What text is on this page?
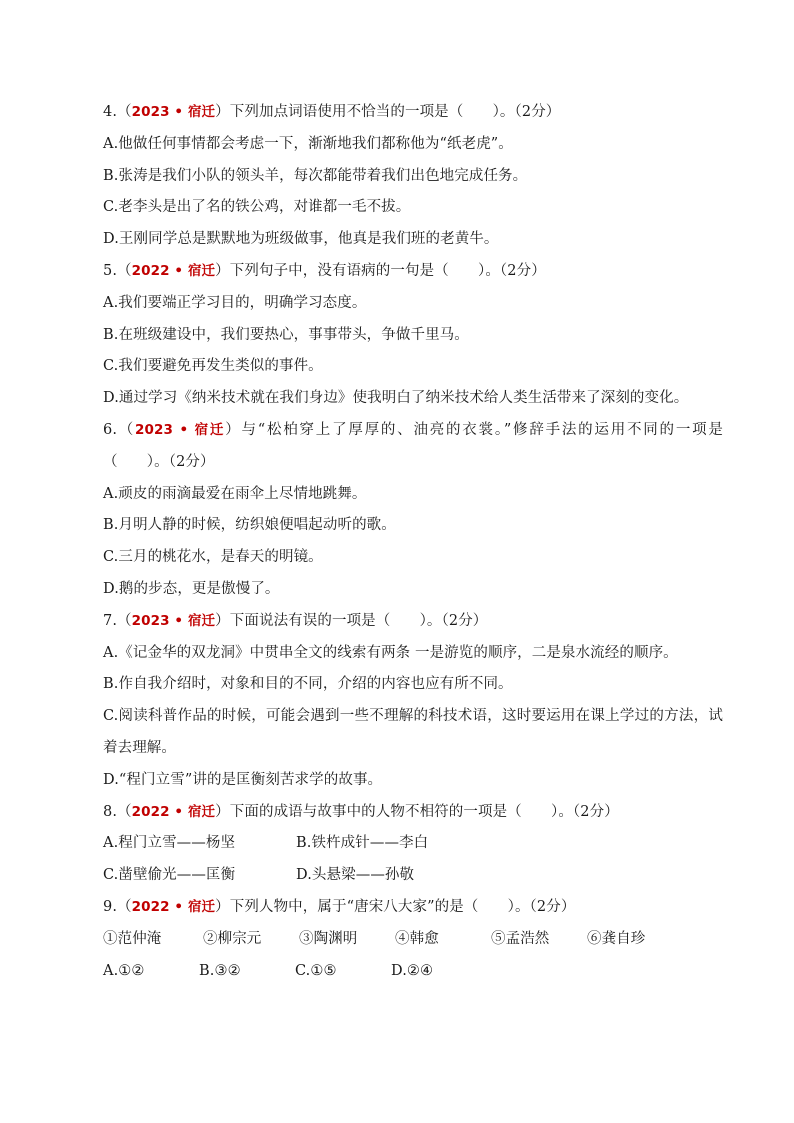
4.（2023 • 宿迁）下列加点词语使用不恰当的一项是（　　）。（2分）
A.他做任何事情都会考虑一下，渐渐地我们都称他为“纸老虎”。
B.张涛是我们小队的领头羊，每次都能带着我们出色地完成任务。
C.老李头是出了名的铁公鸡，对谁都一毛不拔。
D.王刚同学总是默默地为班级做事，他真是我们班的老黄牛。
5.（2022 • 宿迁）下列句子中，没有语病的一句是（　　）。（2分）
A.我们要端正学习目的，明确学习态度。
B.在班级建设中，我们要热心，事事带头，争做千里马。
C.我们要避免再发生类似的事件。
D.通过学习《纳米技术就在我们身边》使我明白了纳米技术给人类生活带来了深刻的变化。
6.（2023 • 宿迁）与“松柏穿上了厚厚的、油亮的衣裳。”修辞手法的运用不同的一项是（　　）。（2分）
A.顽皮的雨滴最爱在雨伞上尽情地跳舞。
B.月明人静的时候，纺织娘便唱起动听的歌。
C.三月的桃花水，是春天的明镜。
D.鹅的步态，更是傲慢了。
7.（2023 • 宿迁）下面说法有误的一项是（　　）。（2分）
A.《记金华的双龙洞》中贯串全文的线索有两条 一是游览的顺序，二是泉水流经的顺序。
B.作自我介绍时，对象和目的不同，介绍的内容也应有所不同。
C.阅读科普作品的时候，可能会遇到一些不理解的科技术语，这时要运用在课上学过的方法，试着去理解。
D.“程门立雪”讲的是匡衡刻苦求学的故事。
8.（2022 • 宿迁）下面的成语与故事中的人物不相符的一项是（　　）。（2分）
A.程门立雪——杨坚	B.铁杵成针——李白
C.凿壁偷光——匡衡	D.头悬梁——孙敬
9.（2022 • 宿迁）下列人物中，属于“唐宋八大家”的是（　　）。（2分）
①范仲淹	②柳宗元	③陶渊明	④韩愈	⑤孟浩然	⑥龚自珍
A.①②	B.③②	C.①⑤	D.②④
